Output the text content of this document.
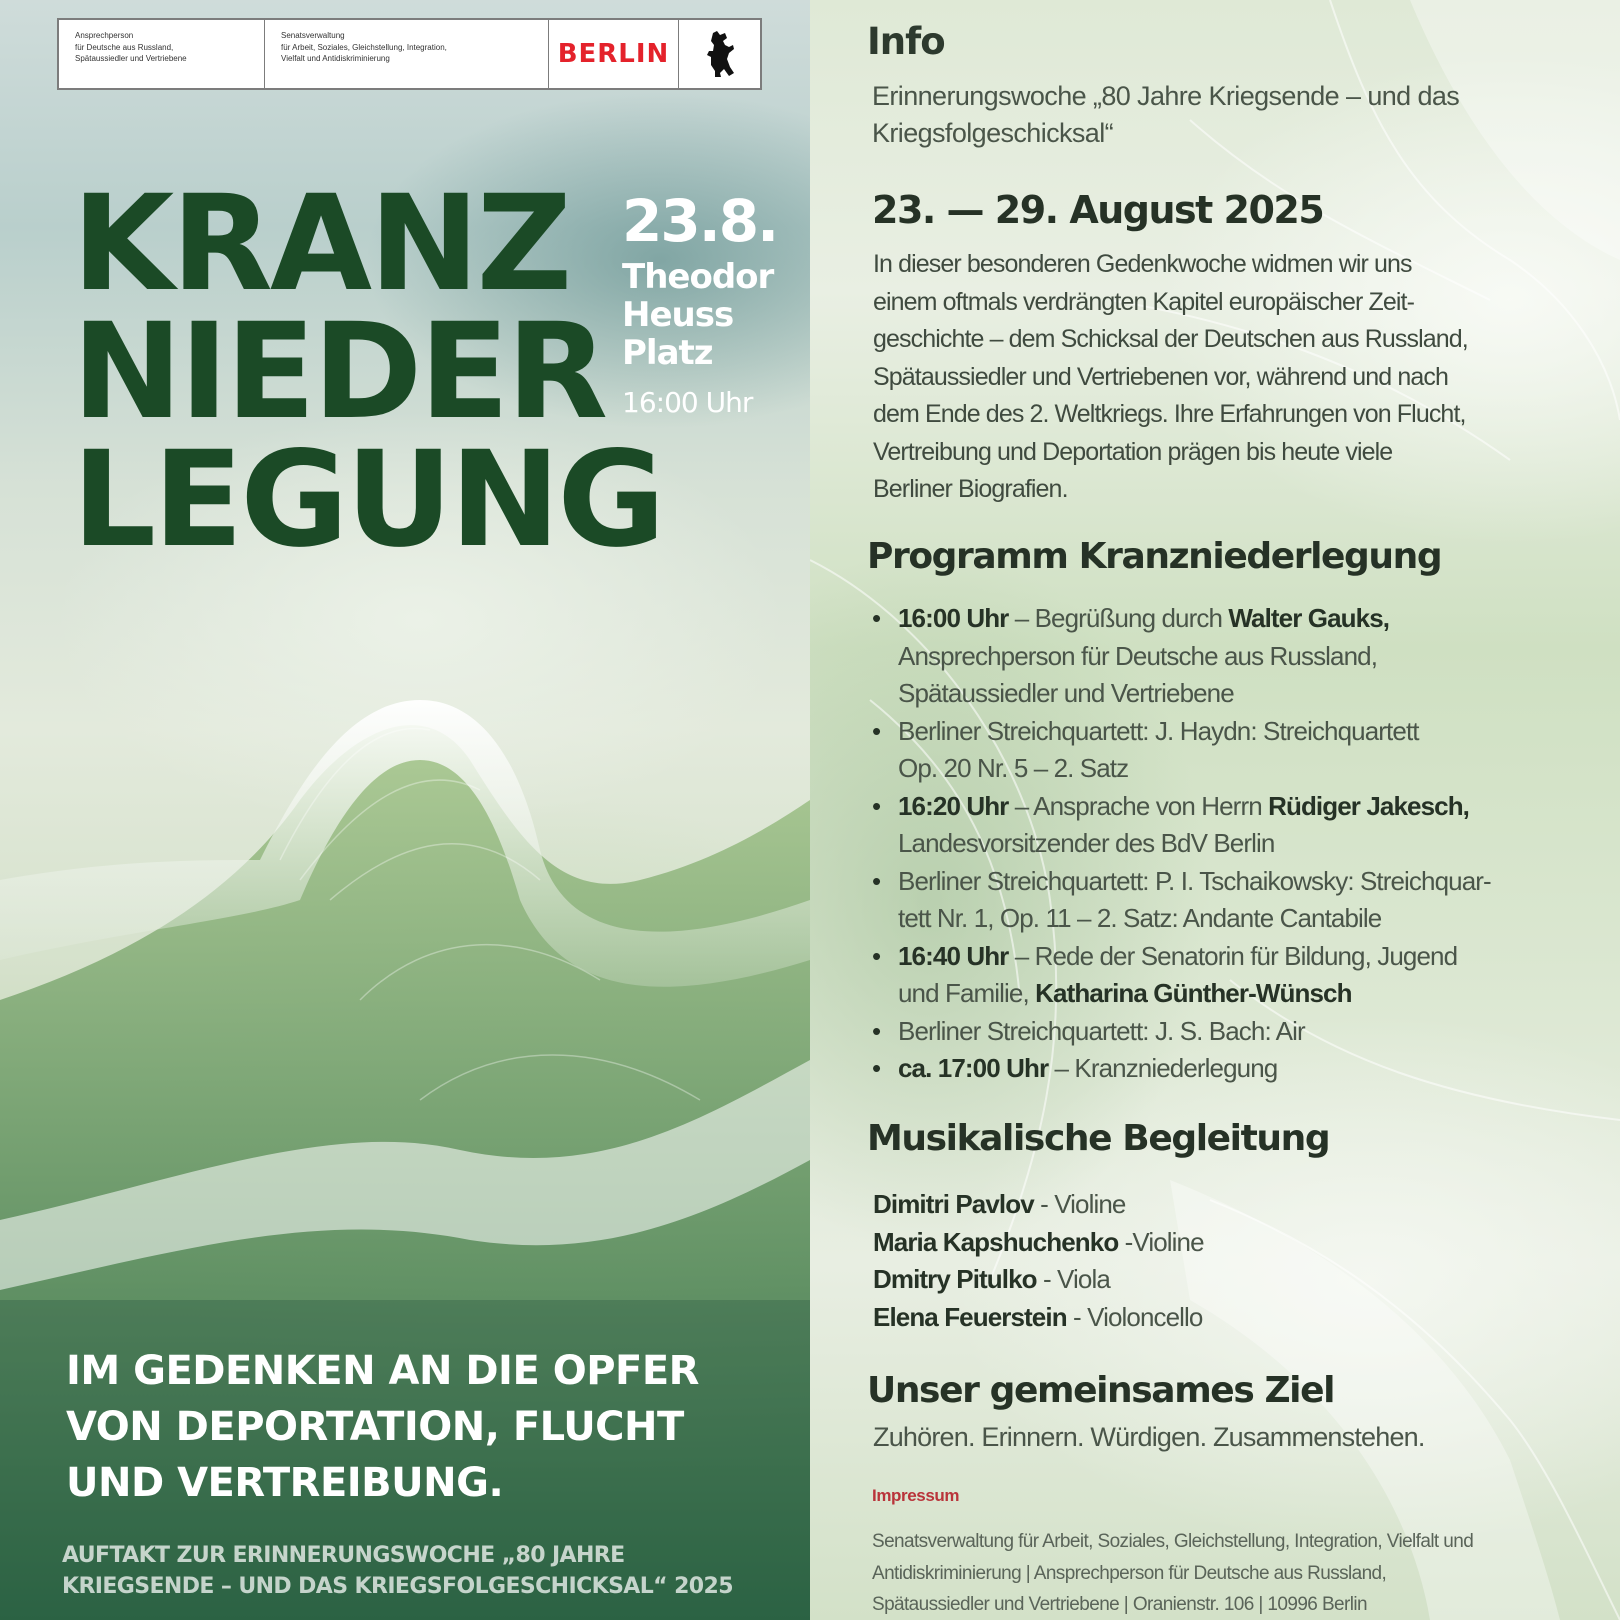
Ansprechperson
für Deutsche aus Russland,
Spätaussiedler und Vertriebene
Senatsverwaltung
für Arbeit, Soziales, Gleichstellung, Integration,
Vielfalt und Antidiskriminierung	BERLIN
KRANZ
NIEDER
LEGUNG
23.8.
Theodor
Heuss
Platz
16:00 Uhr
IM GEDENKEN AN DIE OPFER
VON DEPORTATION, FLUCHT
UND VERTREIBUNG.
AUFTAKT ZUR ERINNERUNGSWOCHE „80 JAHRE
KRIEGSENDE – UND DAS KRIEGSFOLGESCHICKSAL“ 2025
Info
Erinnerungswoche „80 Jahre Kriegsende – und das
Kriegsfolgeschicksal“
23. — 29. August 2025
In dieser besonderen Gedenkwoche widmen wir uns
einem oftmals verdrängten Kapitel europäischer Zeit-
geschichte – dem Schicksal der Deutschen aus Russland,
Spätaussiedler und Vertriebenen vor, während und nach
dem Ende des 2. Weltkriegs. Ihre Erfahrungen von Flucht,
Vertreibung und Deportation prägen bis heute viele
Berliner Biografien.
Programm Kranzniederlegung
• 16:00 Uhr – Begrüßung durch Walter Gauks,
Ansprechperson für Deutsche aus Russland,
Spätaussiedler und Vertriebene
• Berliner Streichquartett: J. Haydn: Streichquartett
Op. 20 Nr. 5 – 2. Satz
• 16:20 Uhr – Ansprache von Herrn Rüdiger Jakesch,
Landesvorsitzender des BdV Berlin
• Berliner Streichquartett: P. I. Tschaikowsky: Streichquar-
tett Nr. 1, Op. 11 – 2. Satz: Andante Cantabile
• 16:40 Uhr – Rede der Senatorin für Bildung, Jugend
und Familie, Katharina Günther-Wünsch
• Berliner Streichquartett: J. S. Bach: Air
• ca. 17:00 Uhr – Kranzniederlegung
Musikalische Begleitung
Dimitri Pavlov - Violine
Maria Kapshuchenko -Violine
Dmitry Pitulko - Viola
Elena Feuerstein - Violoncello
Unser gemeinsames Ziel
Zuhören. Erinnern. Würdigen. Zusammenstehen.
Impressum
Senatsverwaltung für Arbeit, Soziales, Gleichstellung, Integration, Vielfalt und
Antidiskriminierung | Ansprechperson für Deutsche aus Russland,
Spätaussiedler und Vertriebene | Oranienstr. 106 | 10996 Berlin
